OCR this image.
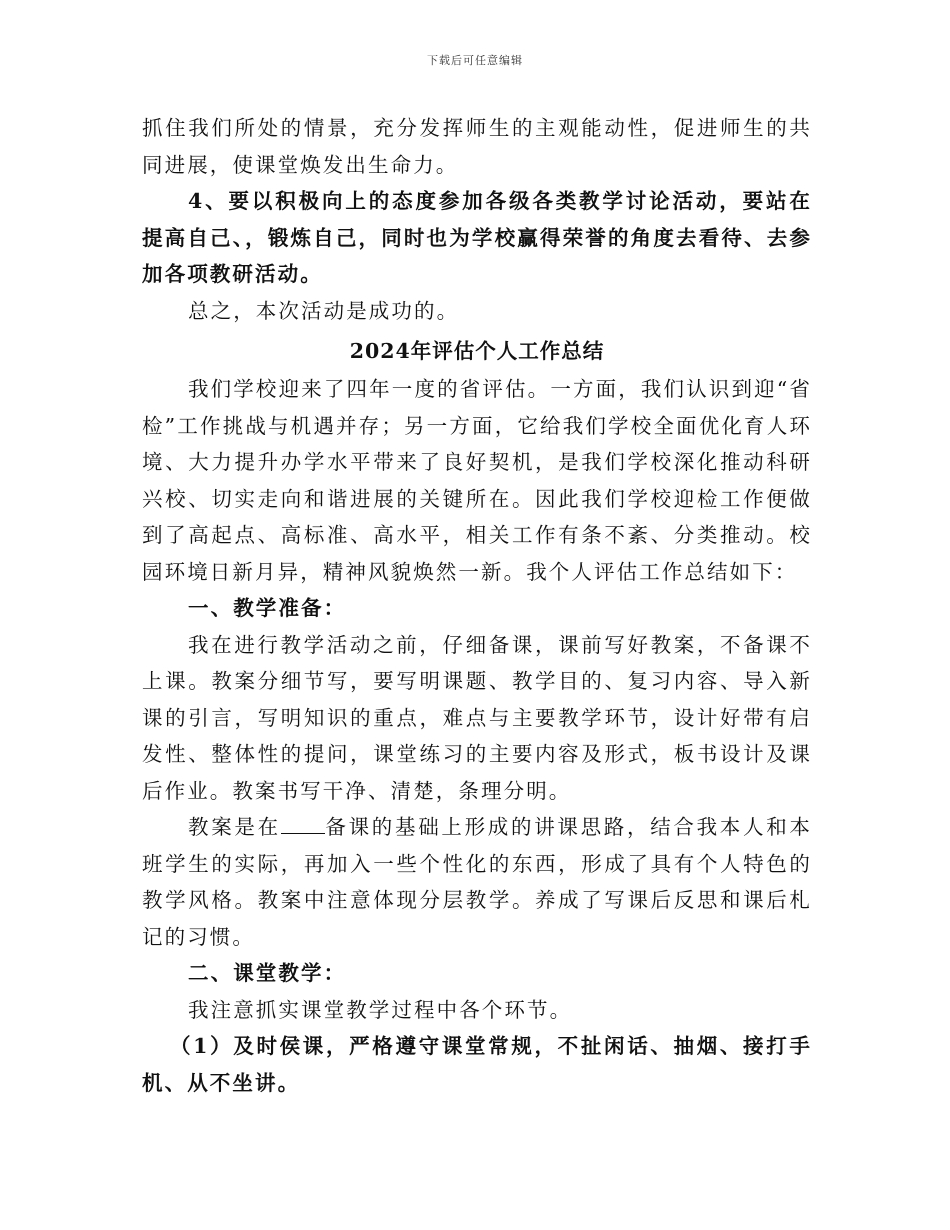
下载后可任意编辑

抓住我们所处的情景，充分发挥师生的主观能动性，促进师生的共同进展，使课堂焕发出生命力。

4、要以积极向上的态度参加各级各类教学讨论活动，要站在提高自己、，锻炼自己，同时也为学校赢得荣誉的角度去看待、去参加各项教研活动。

总之，本次活动是成功的。

2024年评估个人工作总结

我们学校迎来了四年一度的省评估。一方面，我们认识到迎“省检”工作挑战与机遇并存；另一方面，它给我们学校全面优化育人环境、大力提升办学水平带来了良好契机，是我们学校深化推动科研兴校、切实走向和谐进展的关键所在。因此我们学校迎检工作便做到了高起点、高标准、高水平，相关工作有条不紊、分类推动。校园环境日新月异，精神风貌焕然一新。我个人评估工作总结如下：

一、教学准备：

我在进行教学活动之前，仔细备课，课前写好教案，不备课不上课。教案分细节写，要写明课题、教学目的、复习内容、导入新课的引言，写明知识的重点，难点与主要教学环节，设计好带有启发性、整体性的提问，课堂练习的主要内容及形式，板书设计及课后作业。教案书写干净、清楚，条理分明。

教案是在 备课的基础上形成的讲课思路，结合我本人和本班学生的实际，再加入一些个性化的东西，形成了具有个人特色的教学风格。教案中注意体现分层教学。养成了写课后反思和课后札记的习惯。

二、课堂教学：

我注意抓实课堂教学过程中各个环节。

（1）及时侯课，严格遵守课堂常规，不扯闲话、抽烟、接打手机、从不坐讲。
